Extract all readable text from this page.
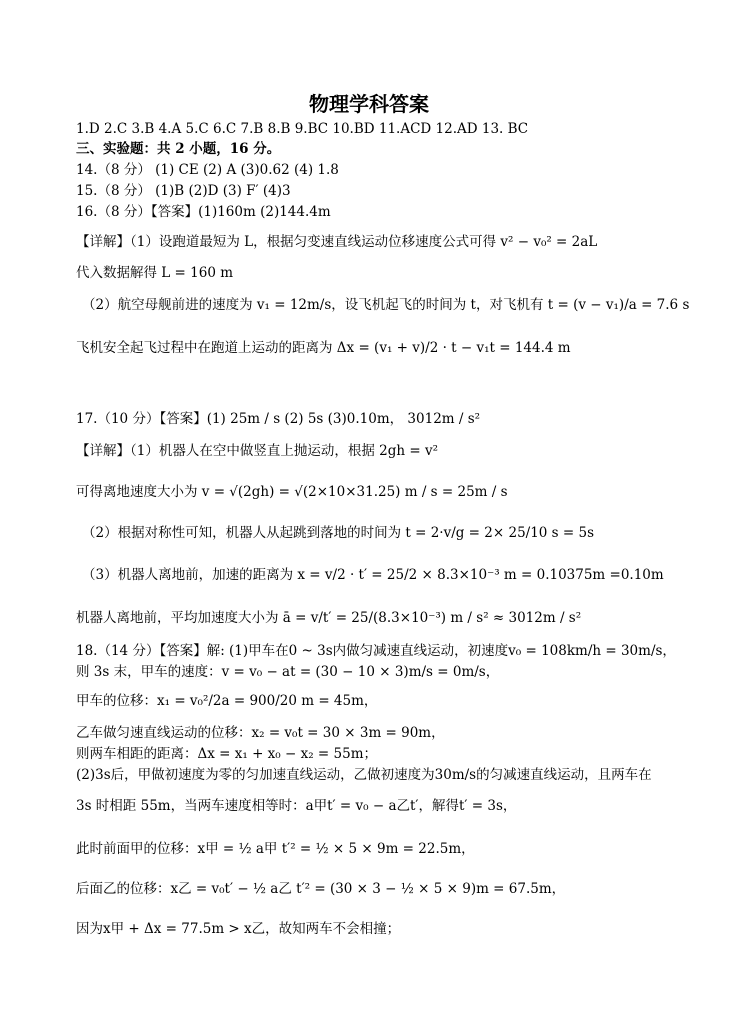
物理学科答案
1.D 2.C 3.B 4.A 5.C 6.C 7.B 8.B 9.BC 10.BD 11.ACD 12.AD 13. BC
三、实验题：共 2 小题，16 分。
14.（8 分） (1) CE (2) A (3)0.62 (4) 1.8
15.（8 分） (1)B (2)D (3) F′ (4)3
16.（8 分）【答案】(1)160m (2)144.4m
【详解】（1）设跑道最短为 L，根据匀变速直线运动位移速度公式可得 v² − v₀² = 2aL
代入数据解得 L = 160 m
（2）航空母舰前进的速度为 v₁ = 12m/s，设飞机起飞的时间为 t，对飞机有 t = (v − v₁)/a = 7.6 s
飞机安全起飞过程中在跑道上运动的距离为 Δx = (v₁ + v)/2 · t − v₁t = 144.4 m
17.（10 分）【答案】(1) 25m / s (2) 5s (3)0.10m， 3012m / s²
【详解】（1）机器人在空中做竖直上抛运动，根据 2gh = v²
可得离地速度大小为 v = √(2gh) = √(2×10×31.25) m / s = 25m / s
（2）根据对称性可知，机器人从起跳到落地的时间为 t = 2·v/g = 2× 25/10 s = 5s
（3）机器人离地前，加速的距离为 x = v/2 · t′ = 25/2 × 8.3×10⁻³ m = 0.10375m =0.10m
机器人离地前，平均加速度大小为 ā = v/t′ = 25/(8.3×10⁻³) m / s² ≈ 3012m / s²
18.（14 分）【答案】解: (1)甲车在0 ~ 3s内做匀减速直线运动，初速度v₀ = 108km/h = 30m/s，
则 3s 末，甲车的速度：v = v₀ − at = (30 − 10 × 3)m/s = 0m/s，
甲车的位移：x₁ = v₀²/2a = 900/20 m = 45m，
乙车做匀速直线运动的位移：x₂ = v₀t = 30 × 3m = 90m，
则两车相距的距离：Δx = x₁ + x₀ − x₂ = 55m；
(2)3s后，甲做初速度为零的匀加速直线运动，乙做初速度为30m/s的匀减速直线运动，且两车在
3s 时相距 55m，当两车速度相等时：a甲t′ = v₀ − a乙t′，解得t′ = 3s，
此时前面甲的位移：x甲 = ½ a甲 t′² = ½ × 5 × 9m = 22.5m，
后面乙的位移：x乙 = v₀t′ − ½ a乙 t′² = (30 × 3 − ½ × 5 × 9)m = 67.5m，
因为x甲 + Δx = 77.5m > x乙，故知两车不会相撞；
